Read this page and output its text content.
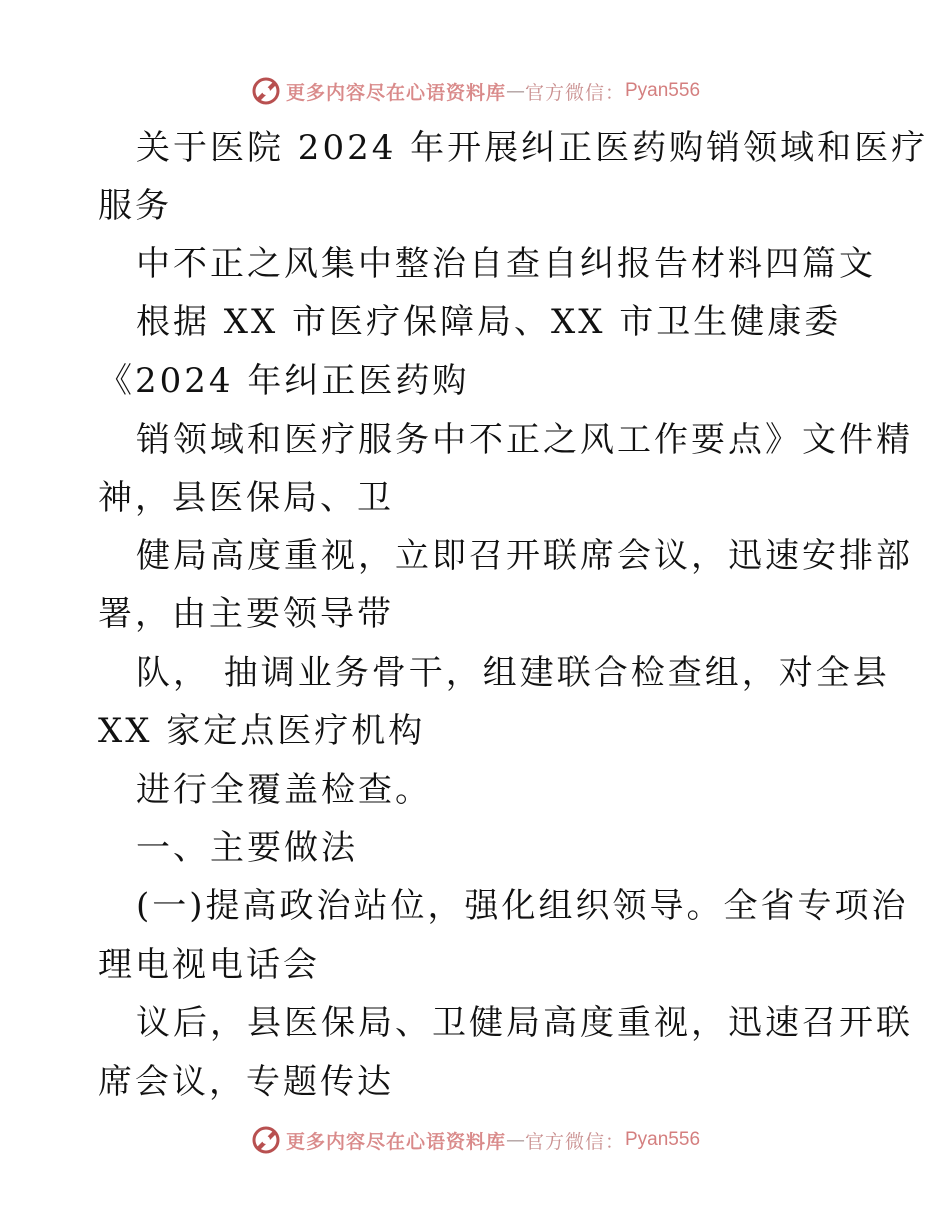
更多内容尽在心语资料库 — 官方微信： Pyan556
关于医院 2024 年开展纠正医药购销领域和医疗
服务
中不正之风集中整治自查自纠报告材料四篇文
根据 XX 市医疗保障局、XX 市卫生健康委
《2024 年纠正医药购
销领域和医疗服务中不正之风工作要点》文件精
神，县医保局、卫
健局高度重视，立即召开联席会议，迅速安排部
署，由主要领导带
队， 抽调业务骨干，组建联合检查组，对全县
XX 家定点医疗机构
进行全覆盖检查。
一、主要做法
(一)提高政治站位，强化组织领导。全省专项治
理电视电话会
议后，县医保局、卫健局高度重视，迅速召开联
席会议，专题传达
更多内容尽在心语资料库 — 官方微信： Pyan556
